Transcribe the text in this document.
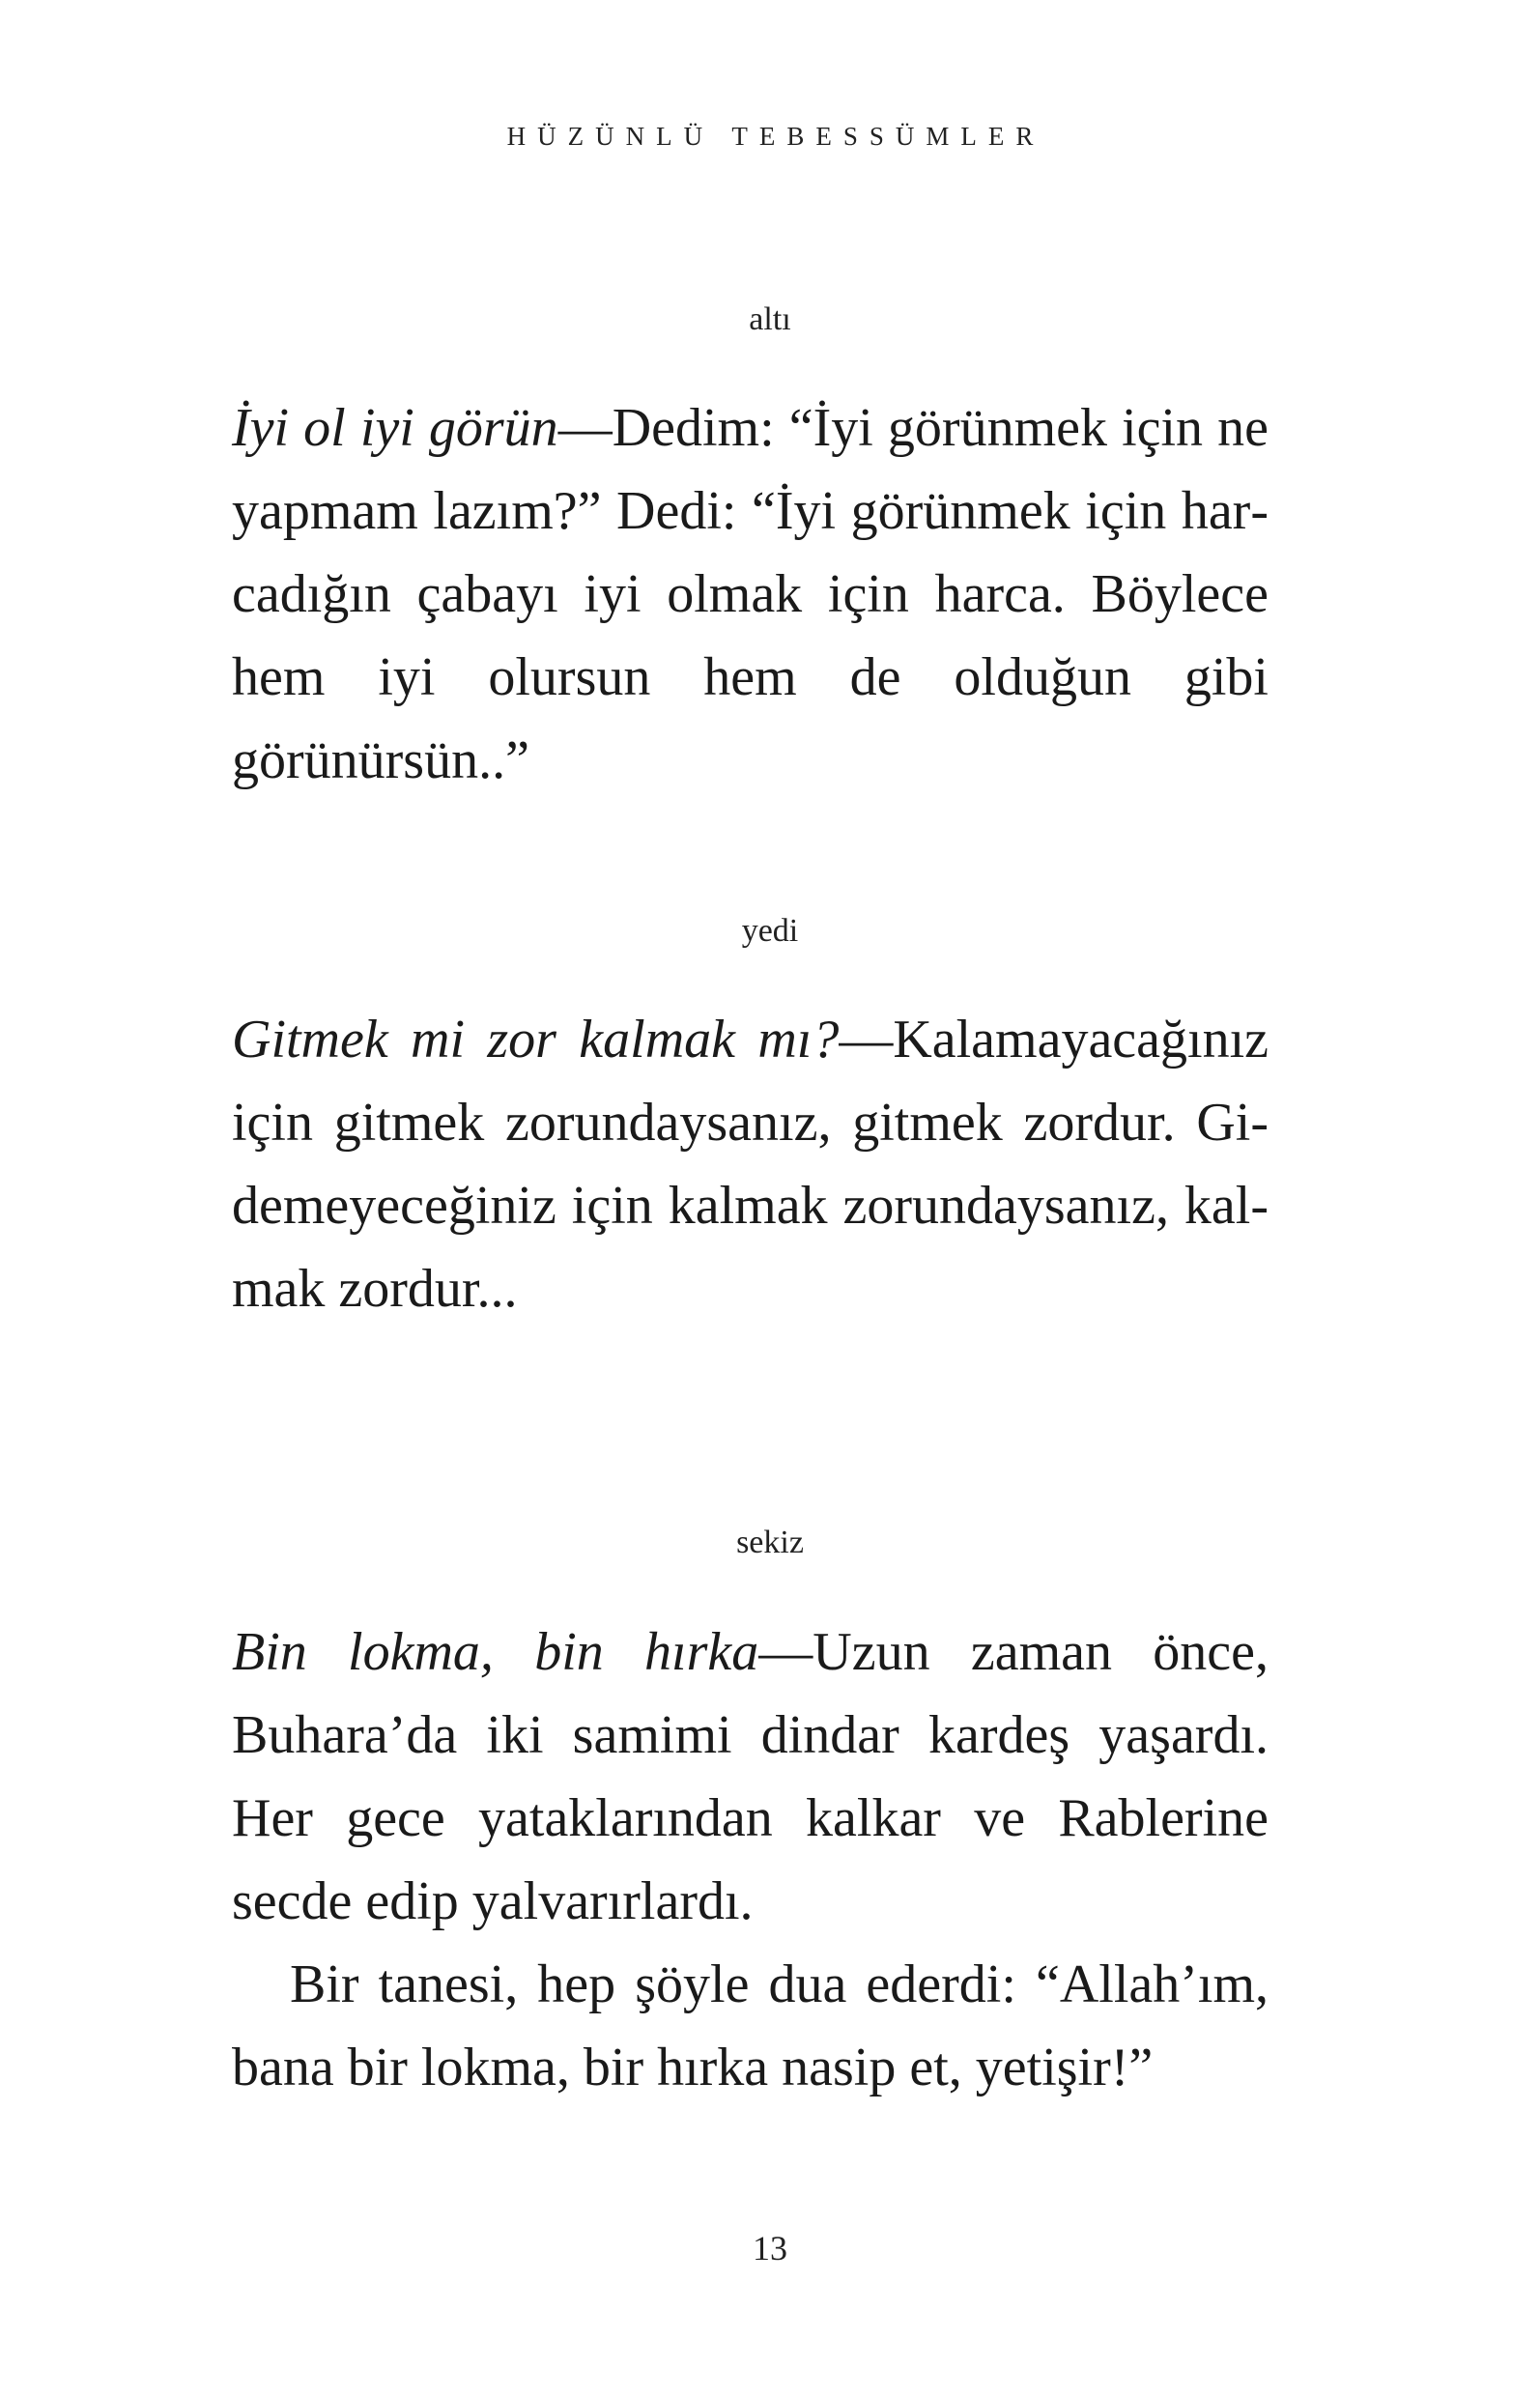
HÜZÜNLÜ TEBESSÜMLER
altı

İyi ol iyi görün—Dedim: “İyi görünmek için ne yapmam lazım?” Dedi: “İyi görünmek için harcadığın çabayı iyi olmak için harca. Böylece hem iyi olursun hem de olduğun gibi görünürsün..”

yedi

Gitmek mi zor kalmak mı?—Kalamayacağınız için gitmek zorundaysanız, gitmek zordur. Gidemeyeceğiniz için kalmak zorundaysanız, kalmak zordur...

sekiz

Bin lokma, bin hırka—Uzun zaman önce, Buhara’da iki samimi dindar kardeş yaşardı. Her gece yataklarından kalkar ve Rablerine secde edip yalvarırlardı.

Bir tanesi, hep şöyle dua ederdi: “Allah’ım, bana bir lokma, bir hırka nasip et, yetişir!”

13
